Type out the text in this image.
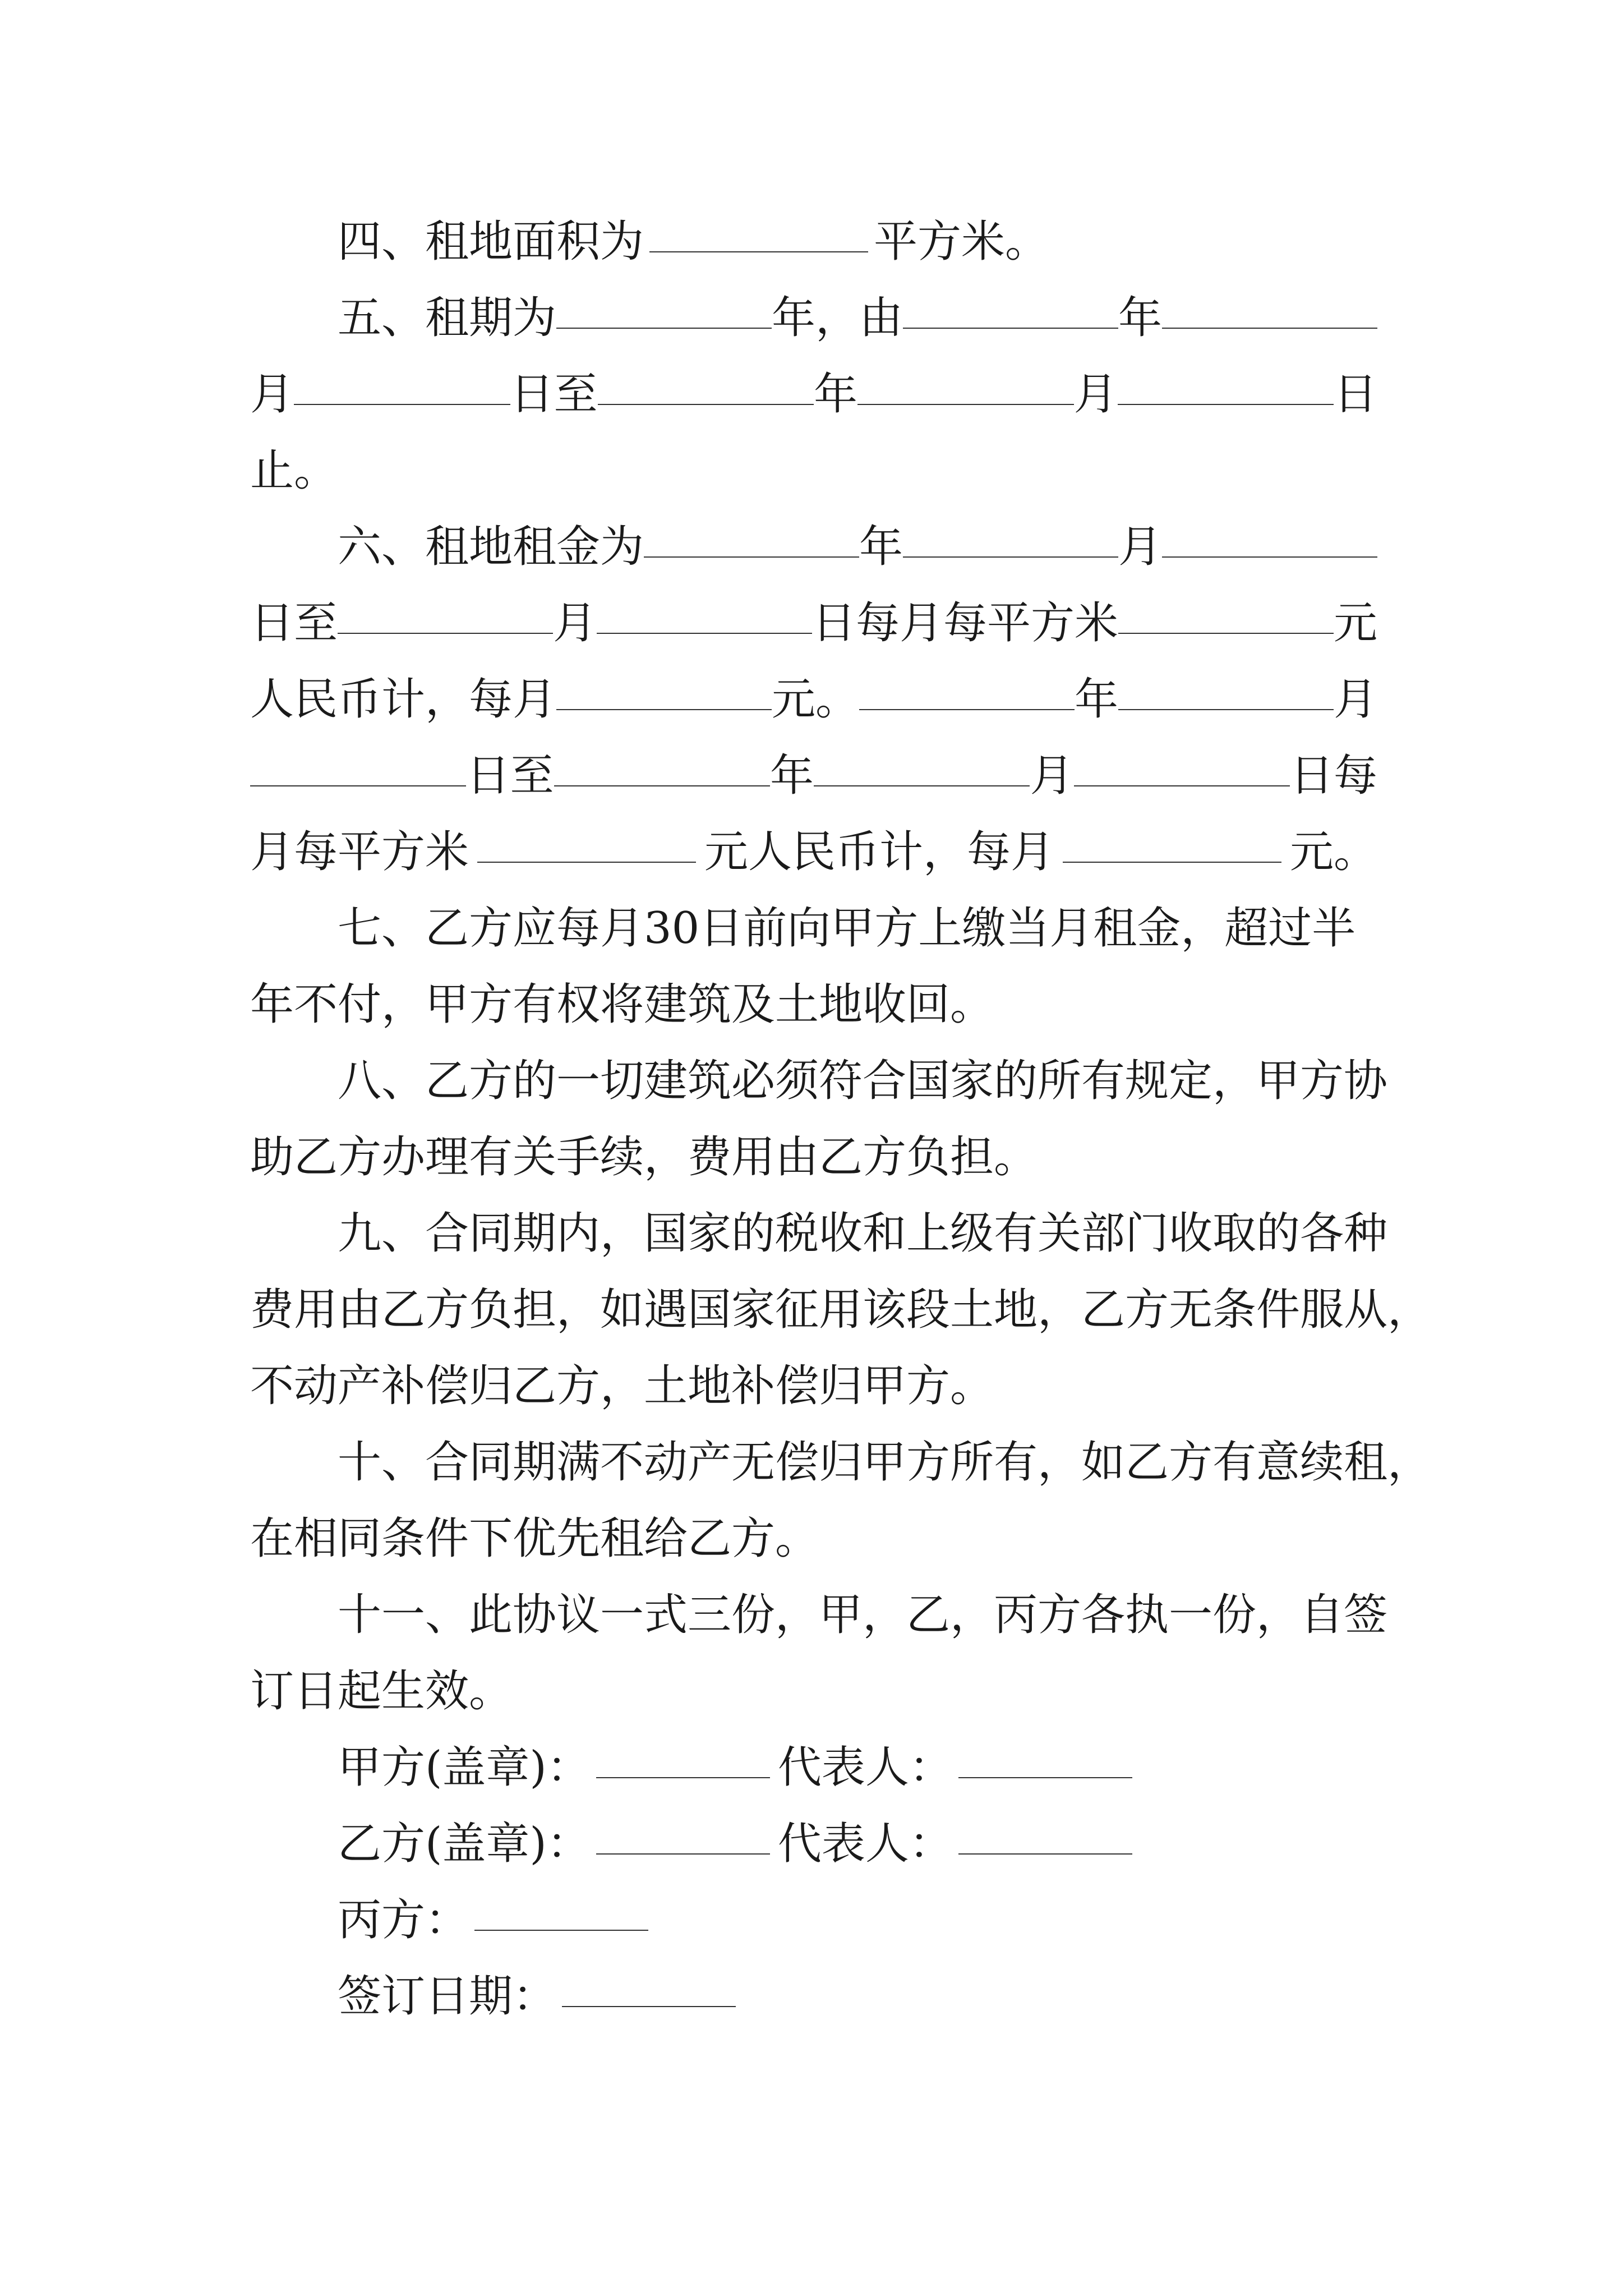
四、租地面积为	平方米。
五、租期为	年，由	年
月	日至	年	月	日
止。
六、租地租金为	年	月
日至	月	日每月每平方米	元
人民币计，每月	元。	年	月
日至	年	月	日每
月每平方米	元人民币计，每月	元。
七、乙方应每月30日前向甲方上缴当月租金，超过半
年不付，甲方有权将建筑及土地收回。
八、乙方的一切建筑必须符合国家的所有规定，甲方协
助乙方办理有关手续，费用由乙方负担。
九、合同期内，国家的税收和上级有关部门收取的各种
费用由乙方负担，如遇国家征用该段土地，乙方无条件服从，
不动产补偿归乙方，土地补偿归甲方。
十、合同期满不动产无偿归甲方所有，如乙方有意续租，
在相同条件下优先租给乙方。
十一、此协议一式三份，甲，乙，丙方各执一份，自签
订日起生效。
甲方(盖章)：	代表人：
乙方(盖章)：	代表人：
丙方：
签订日期：
